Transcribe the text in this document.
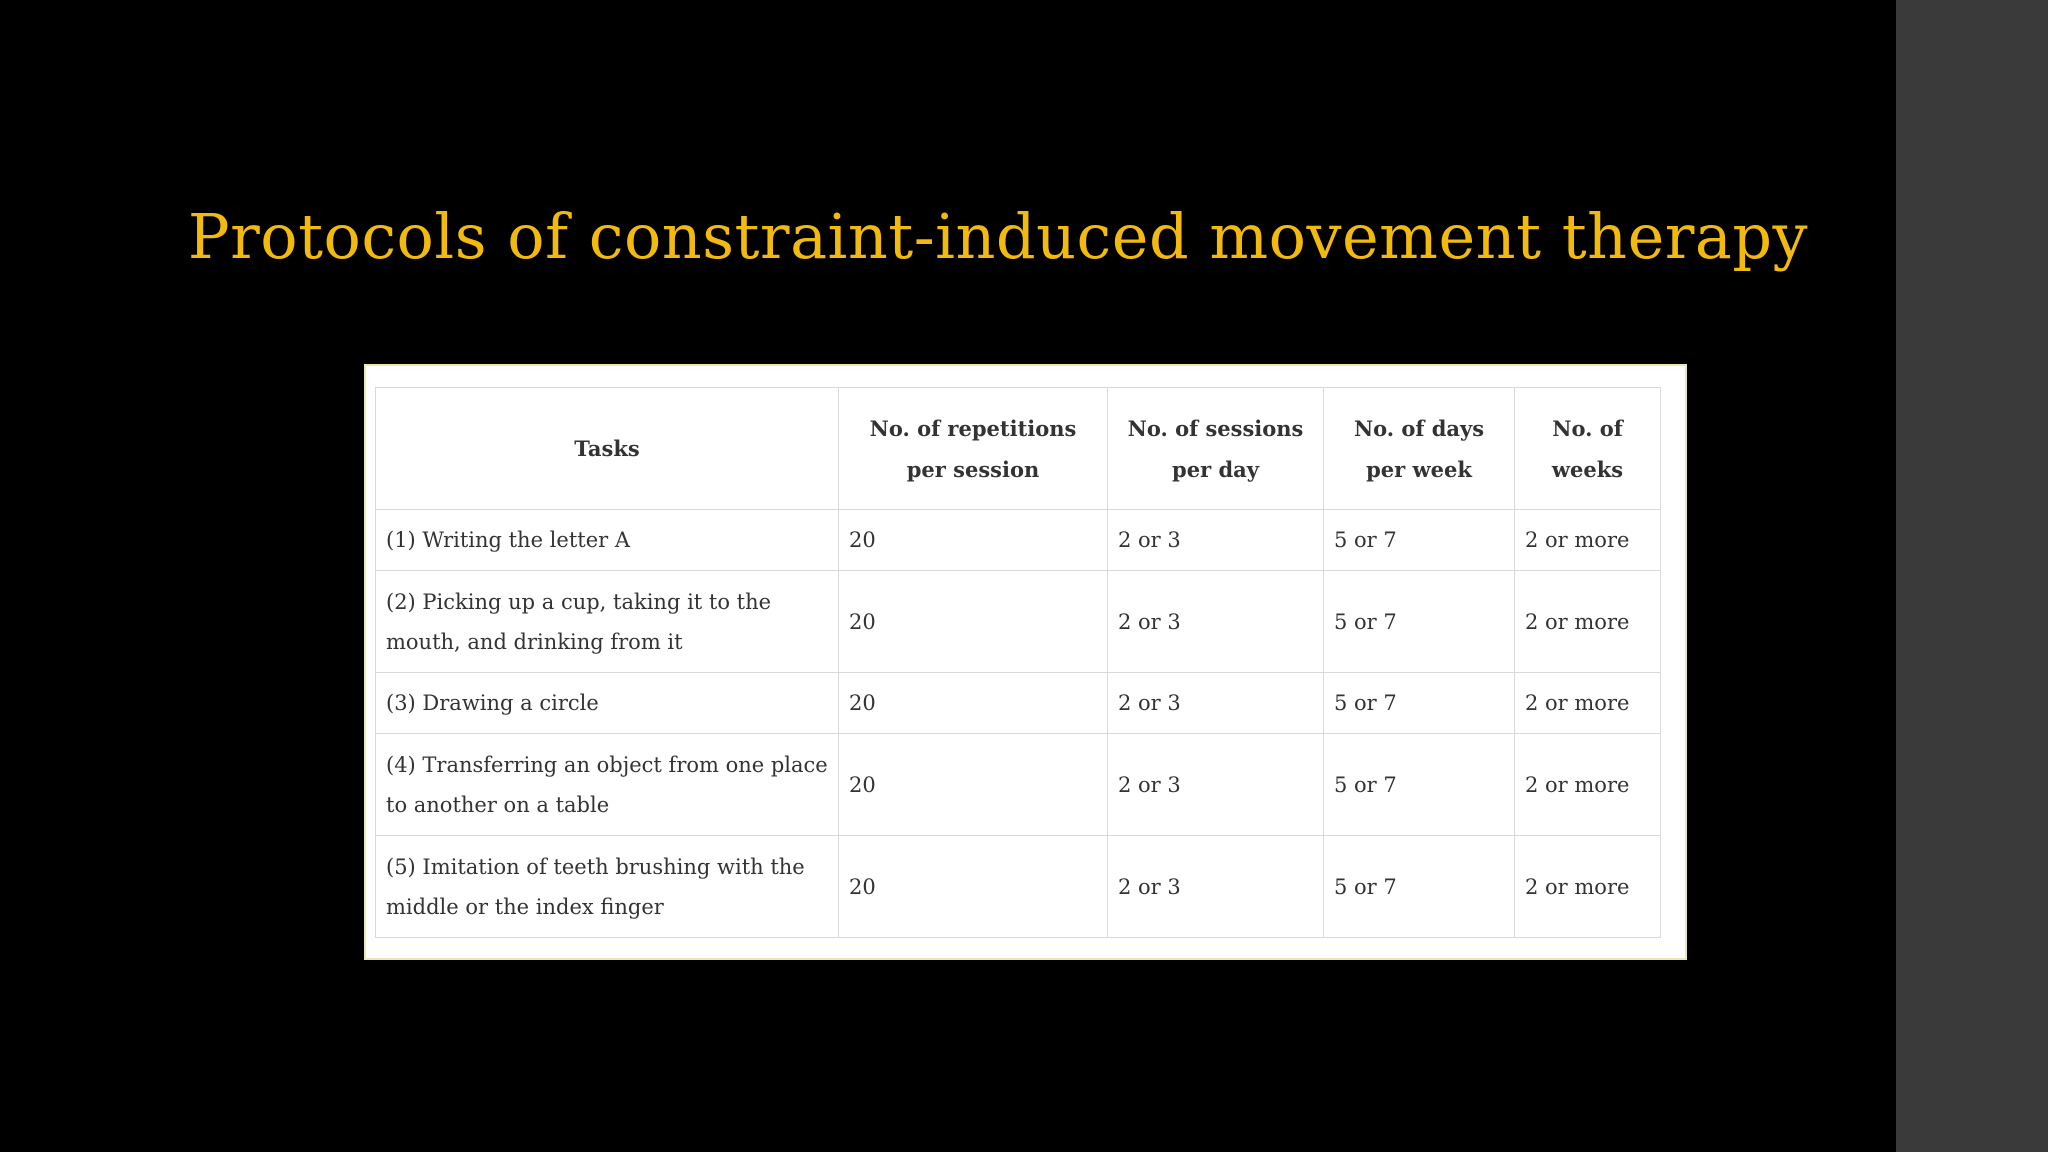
Protocols of constraint-induced movement therapy
Tasks	No. of repetitions per session	No. of sessions per day	No. of days per week	No. of weeks
(1) Writing the letter A	20	2 or 3	5 or 7	2 or more
(2) Picking up a cup, taking it to the mouth, and drinking from it	20	2 or 3	5 or 7	2 or more
(3) Drawing a circle	20	2 or 3	5 or 7	2 or more
(4) Transferring an object from one place to another on a table	20	2 or 3	5 or 7	2 or more
(5) Imitation of teeth brushing with the middle or the index finger	20	2 or 3	5 or 7	2 or more
